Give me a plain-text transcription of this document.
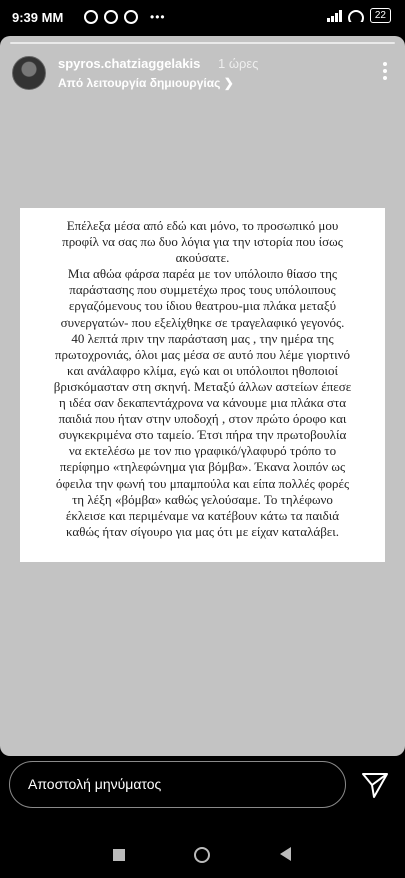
9:39 ΜΜ	•••	22
spyros.chatziaggelakis 1 ώρες
Από λειτουργία δημιουργίας ❯

Επέλεξα μέσα από εδώ και μόνο, το προσωπικό μου

προφίλ να σας πω δυο λόγια για την ιστορία που ίσως

ακούσατε.

Μια αθώα φάρσα παρέα με τον υπόλοιπο θίασο της

παράστασης που συμμετέχω προς τους υπόλοιπους

εργαζόμενους του ίδιου θεατρου-μια πλάκα μεταξύ

συνεργατών- που εξελίχθηκε σε τραγελαφικό γεγονός.

40 λεπτά πριν την παράσταση μας , την ημέρα της

πρωτοχρονιάς, όλοι μας μέσα σε αυτό που λέμε γιορτινό

και ανάλαφρο κλίμα, εγώ και οι υπόλοιποι ηθοποιοί

βρισκόμασταν στη σκηνή. Μεταξύ άλλων αστείων έπεσε

η ιδέα σαν δεκαπεντάχρονα να κάνουμε μια πλάκα στα

παιδιά που ήταν στην υποδοχή , στον πρώτο όροφο και

συγκεκριμένα στο ταμείο. Έτσι πήρα την πρωτοβουλία

να εκτελέσω με τον πιο γραφικό/γλαφυρό τρόπο το

περίφημο «τηλεφώνημα για βόμβα». Έκανα λοιπόν ως

όφειλα την φωνή του μπαμπούλα και είπα πολλές φορές

τη λέξη «βόμβα» καθώς γελούσαμε. Το τηλέφωνο

έκλεισε και περιμέναμε να κατέβουν κάτω τα παιδιά

καθώς ήταν σίγουρο για μας ότι με είχαν καταλάβει.

Αποστολή μηνύματος
